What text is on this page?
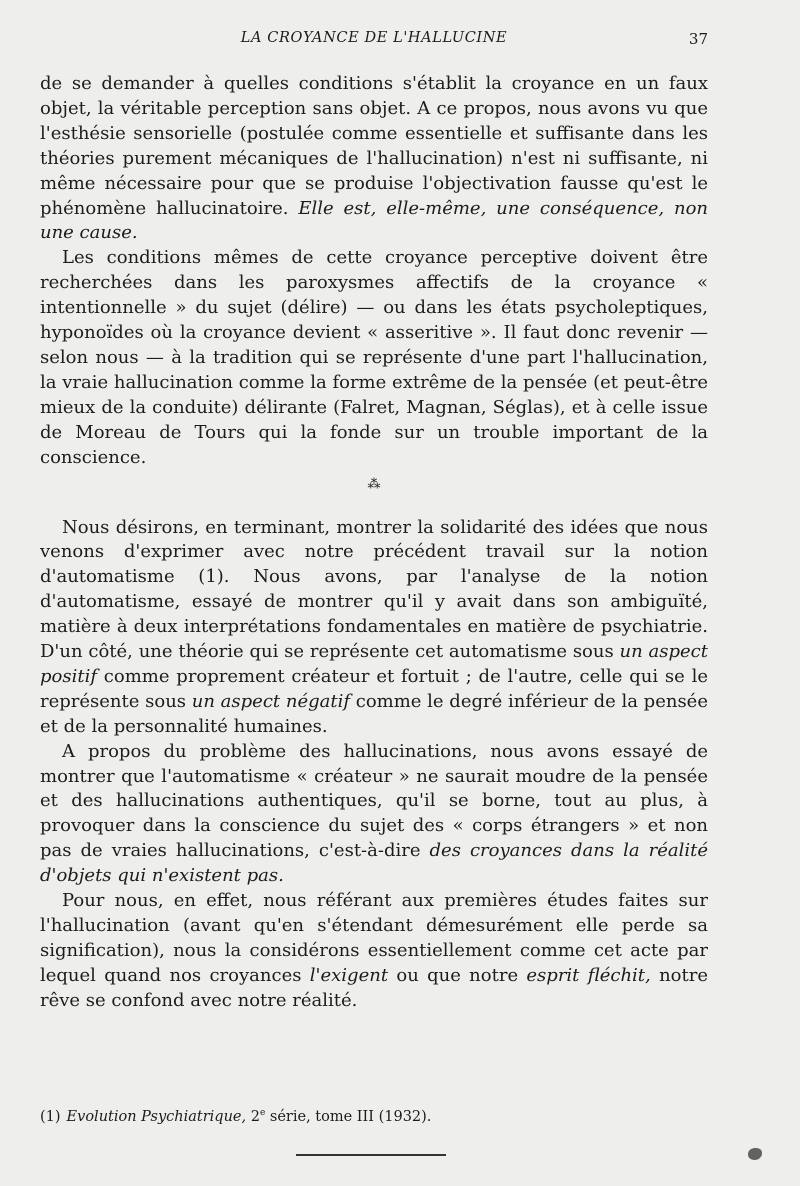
LA CROYANCE DE L'HALLUCINE	37

de se demander à quelles conditions s'établit la croyance en un faux objet, la véritable perception sans objet. A ce propos, nous avons vu que l'esthésie sensorielle (postulée comme essentielle et suffisante dans les théories purement mécaniques de l'hallucination) n'est ni suffisante, ni même nécessaire pour que se produise l'objectivation fausse qu'est le phénomène hallucinatoire. Elle est, elle-même, une conséquence, non une cause.

Les conditions mêmes de cette croyance perceptive doivent être recherchées dans les paroxysmes affectifs de la croyance « intentionnelle » du sujet (délire) — ou dans les états psycholeptiques, hyponoïdes où la croyance devient « asseritive ». Il faut donc revenir — selon nous — à la tradition qui se représente d'une part l'hallucination, la vraie hallucination comme la forme extrême de la pensée (et peut-être mieux de la conduite) délirante (Falret, Magnan, Séglas), et à celle issue de Moreau de Tours qui la fonde sur un trouble important de la conscience.

⁂

Nous désirons, en terminant, montrer la solidarité des idées que nous venons d'exprimer avec notre précédent travail sur la notion d'automatisme (1). Nous avons, par l'analyse de la notion d'automatisme, essayé de montrer qu'il y avait dans son ambiguïté, matière à deux interprétations fondamentales en matière de psychiatrie. D'un côté, une théorie qui se représente cet automatisme sous un aspect positif comme proprement créateur et fortuit ; de l'autre, celle qui se le représente sous un aspect négatif comme le degré inférieur de la pensée et de la personnalité humaines.

A propos du problème des hallucinations, nous avons essayé de montrer que l'automatisme « créateur » ne saurait moudre de la pensée et des hallucinations authentiques, qu'il se borne, tout au plus, à provoquer dans la conscience du sujet des « corps étrangers » et non pas de vraies hallucinations, c'est-à-dire des croyances dans la réalité d'objets qui n'existent pas.

Pour nous, en effet, nous référant aux premières études faites sur l'hallucination (avant qu'en s'étendant démesurément elle perde sa signification), nous la considérons essentiellement comme cet acte par lequel quand nos croyances l'exigent ou que notre esprit fléchit, notre rêve se confond avec notre réalité.

(1) Evolution Psychiatrique, 2e série, tome III (1932).
